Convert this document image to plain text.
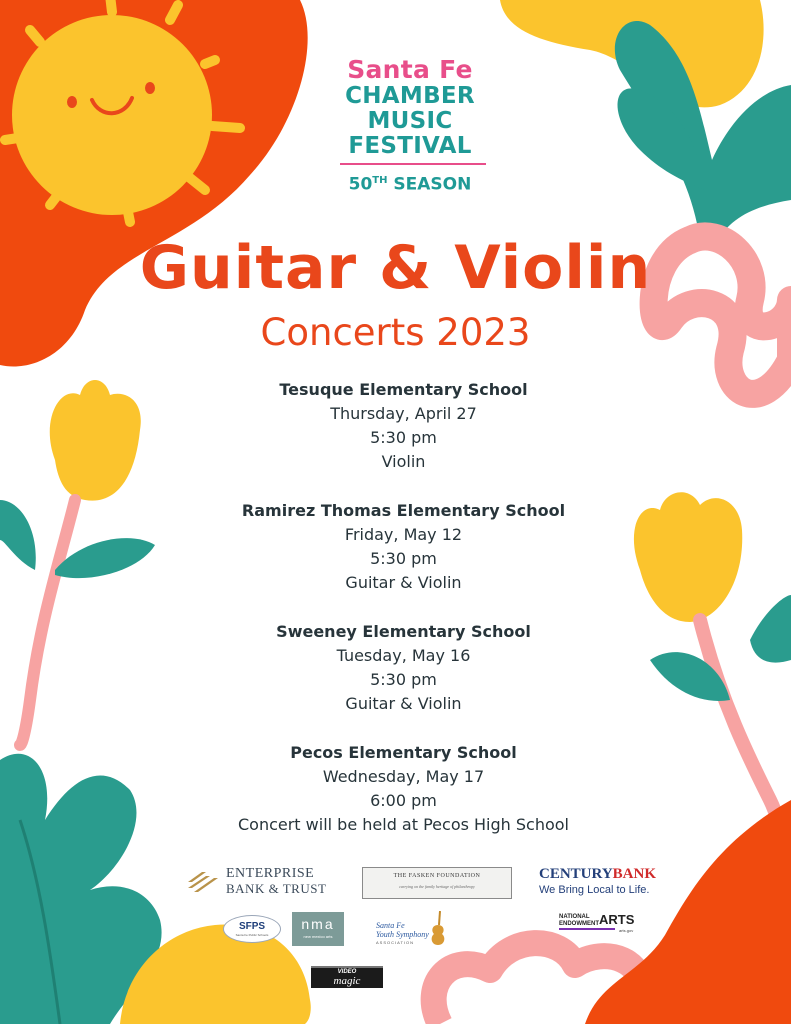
Santa Fe
CHAMBER
MUSIC
FESTIVAL
50TH SEASON
Guitar & Violin
Concerts 2023
Tesuque Elementary School
Thursday, April 27
5:30 pm
Violin
Ramirez Thomas Elementary School
Friday, May 12
5:30 pm
Guitar & Violin
Sweeney Elementary School
Tuesday, May 16
5:30 pm
Guitar & Violin
Pecos Elementary School
Wednesday, May 17
6:00 pm
Concert will be held at Pecos High School
ENTERPRISE
BANK & TRUST
THE FASKEN FOUNDATION
carrying on the family heritage of philanthropy
CENTURYBANK
We Bring Local to Life.
SFPS
Santa Fe Public Schools
nma
new mexico arts
Santa Fe
Youth Symphony
ASSOCIATION
NATIONAL ENDOWMENT ARTS
arts.gov
VIDEO
magic
